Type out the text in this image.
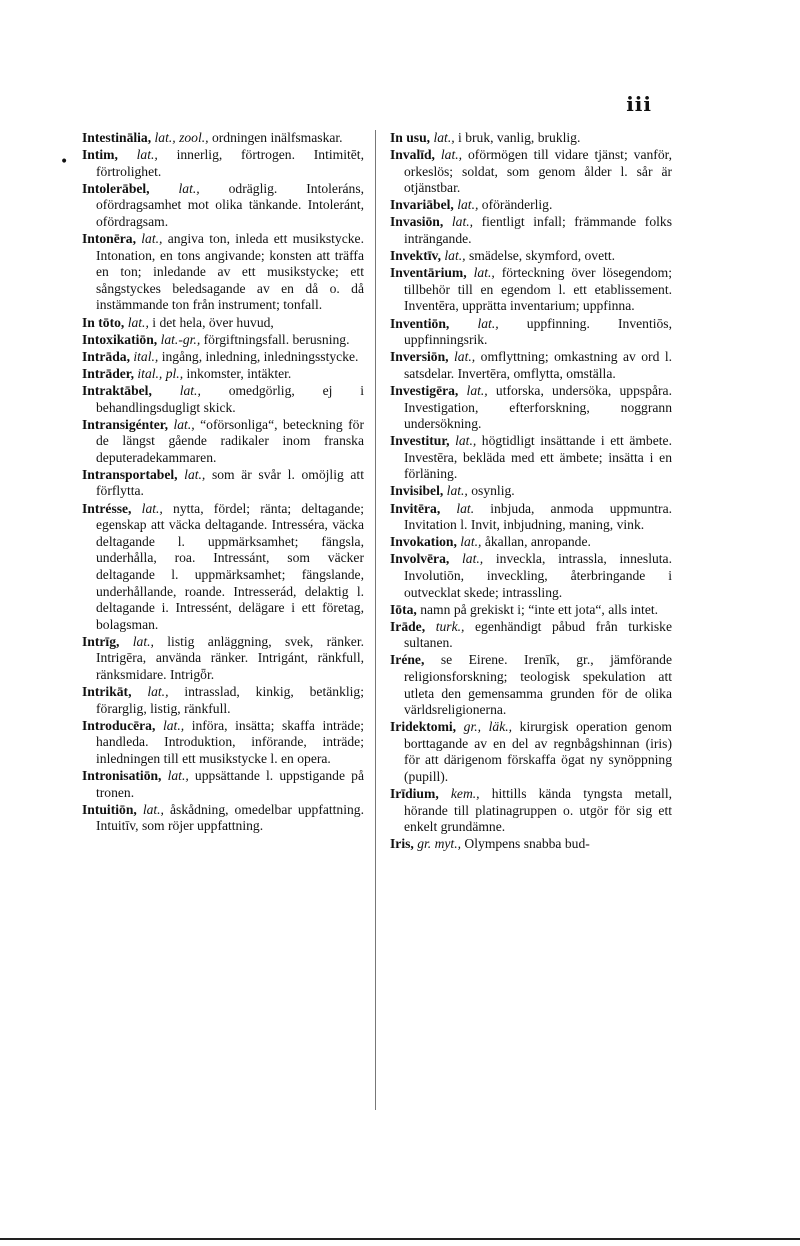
iii
•

Intestināliа, lat., zool., ordningen inälfsmaskar.

Intim, lat., innerlig, förtrogen. Intimitēt, förtrolighet.

Intolerābel, lat., odräglig. Intoleráns, ofördragsamhet mot olika tänkande. Intoleránt, ofördragsam.

Intonēra, lat., angiva ton, inleda ett musikstycke. Intonation, en tons angivande; konsten att träffa en ton; inledande av ett musikstycke; ett sångstyckes beledsagande av en då o. då instämmande ton från instrument; tonfall.

In tōto, lat., i det hela, över huvud,

Intoxikatiōn, lat.-gr., förgiftningsfall. berusning.

Intrāda, ital., ingång, inledning, inledningsstycke.

Intrāder, ital., pl., inkomster, intäkter.

Intraktābel, lat., omedgörlig, ej i behandlingsdugligt skick.

Intransigénter, lat., “oförsonliga“, beteckning för de längst gående radikaler inom franska deputeradekammaren.

Intransportabel, lat., som är svår l. omöjlig att förflytta.

Intrésse, lat., nytta, fördel; ränta; deltagande; egenskap att väcka deltagande. Intresséra, väcka deltagande l. uppmärksamhet; fängsla, underhålla, roa. Intressánt, som väcker deltagande l. uppmärksamhet; fängslande, underhållande, roande. Intresserád, delaktig l. deltagande i. Intressént, delägare i ett företag, bolagsman.

Intrīg, lat., listig anläggning, svek, ränker. Intrigēra, använda ränker. Intrigánt, ränkfull, ränksmidare. Intrigȫr.

Intrikāt, lat., intrasslad, kinkig, betänklig; förarglig, listig, ränkfull.

Introducēra, lat., införa, insätta; skaffa inträde; handleda. Introduktion, införande, inträde; inledningen till ett musikstycke l. en opera.

Intronisatiōn, lat., uppsättande l. uppstigande på tronen.

Intuitiōn, lat., åskådning, omedelbar uppfattning. Intuitīv, som röjer uppfattning.

In usu, lat., i bruk, vanlig, bruklig.

Invalīd, lat., oförmögen till vidare tjänst; vanför, orkeslös; soldat, som genom ålder l. sår är otjänstbar.

Invariābel, lat., oföränderlig.

Invasiōn, lat., fientligt infall; främmande folks inträngande.

Invektīv, lat., smädelse, skymford, ovett.

Inventārium, lat., förteckning över lösegendom; tillbehör till en egendom l. ett etablissement. Inventēra, upprätta inventarium; uppfinna.

Inventiōn, lat., uppfinning. Inventiōs, uppfinningsrik.

Inversiōn, lat., omflyttning; omkastning av ord l. satsdelar. Invertēra, omflytta, omställa.

Investigēra, lat., utforska, undersöka, uppspåra. Investigation, efterforskning, noggrann undersökning.

Investitur, lat., högtidligt insättande i ett ämbete. Investēra, bekläda med ett ämbete; insätta i en förläning.

Invisibel, lat., osynlig.

Invitēra, lat. inbjuda, anmoda uppmuntra. Invitation l. Invit, inbjudning, maning, vink.

Invokation, lat., åkallan, anropande.

Involvēra, lat., inveckla, intrassla, innesluta. Involutiōn, inveckling, återbringande i outvecklat skede; intrassling.

Iōta, namn på grekiskt i; “inte ett jota“, alls intet.

Irāde, turk., egenhändigt påbud från turkiske sultanen.

Iréne, se Eirene. Irenīk, gr., jämförande religionsforskning; teologisk spekulation att utleta den gemensamma grunden för de olika världsreligionerna.

Iridektomi, gr., läk., kirurgisk operation genom borttagande av en del av regnbågshinnan (iris) för att därigenom förskaffa ögat ny synöppning (pupill).

Irīdium, kem., hittills kända tyngsta metall, hörande till platinagruppen o. utgör för sig ett enkelt grundämne.

Iris, gr. myt., Olympens snabba bud-
